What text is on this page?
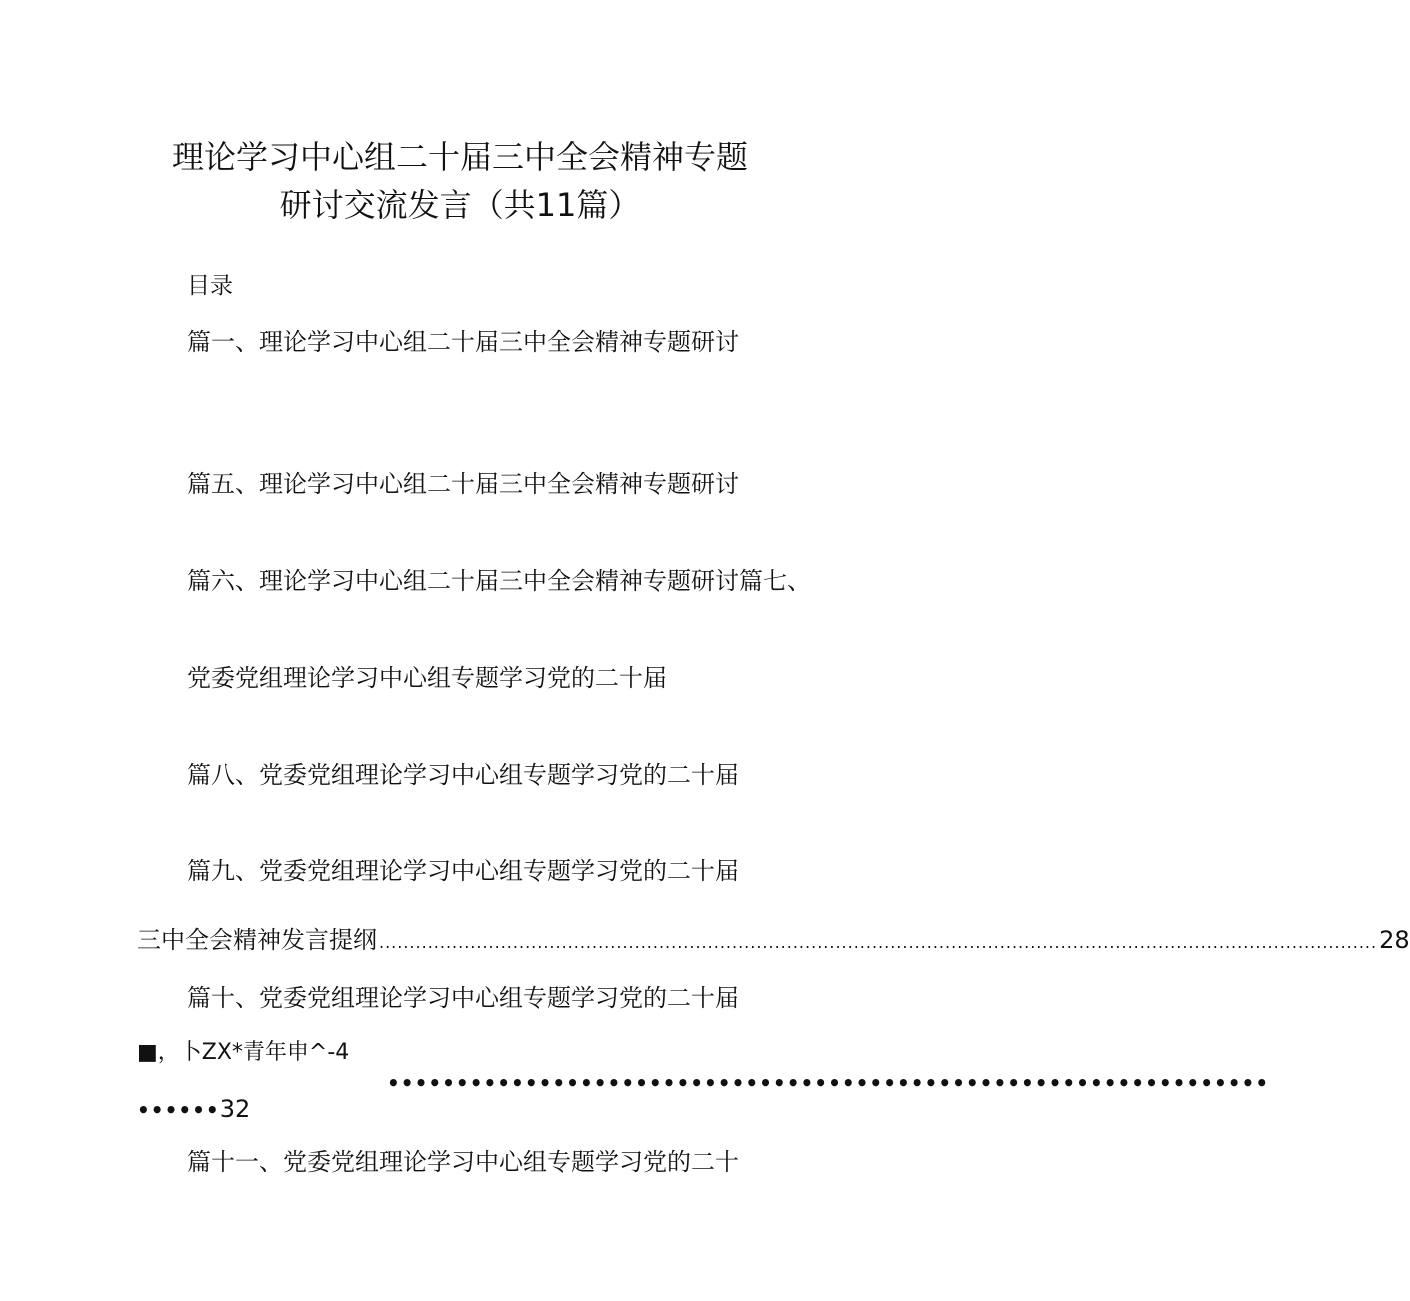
理论学习中心组二十届三中全会精神专题
研讨交流发言（共11篇）
目录
篇一、理论学习中心组二十届三中全会精神专题研讨
篇五、理论学习中心组二十届三中全会精神专题研讨
篇六、理论学习中心组二十届三中全会精神专题研讨篇七、
党委党组理论学习中心组专题学习党的二十届
篇八、党委党组理论学习中心组专题学习党的二十届
篇九、党委党组理论学习中心组专题学习党的二十届
三中全会精神发言提纲 .................................................................................................................................................................... 28
篇十、党委党组理论学习中心组专题学习党的二十届
■，卜ZX*青年申^-4
••••••••••••••••••••••••••••••••••••••••••••••••••••••••••••••••
•••••• 32
篇十一、党委党组理论学习中心组专题学习党的二十
